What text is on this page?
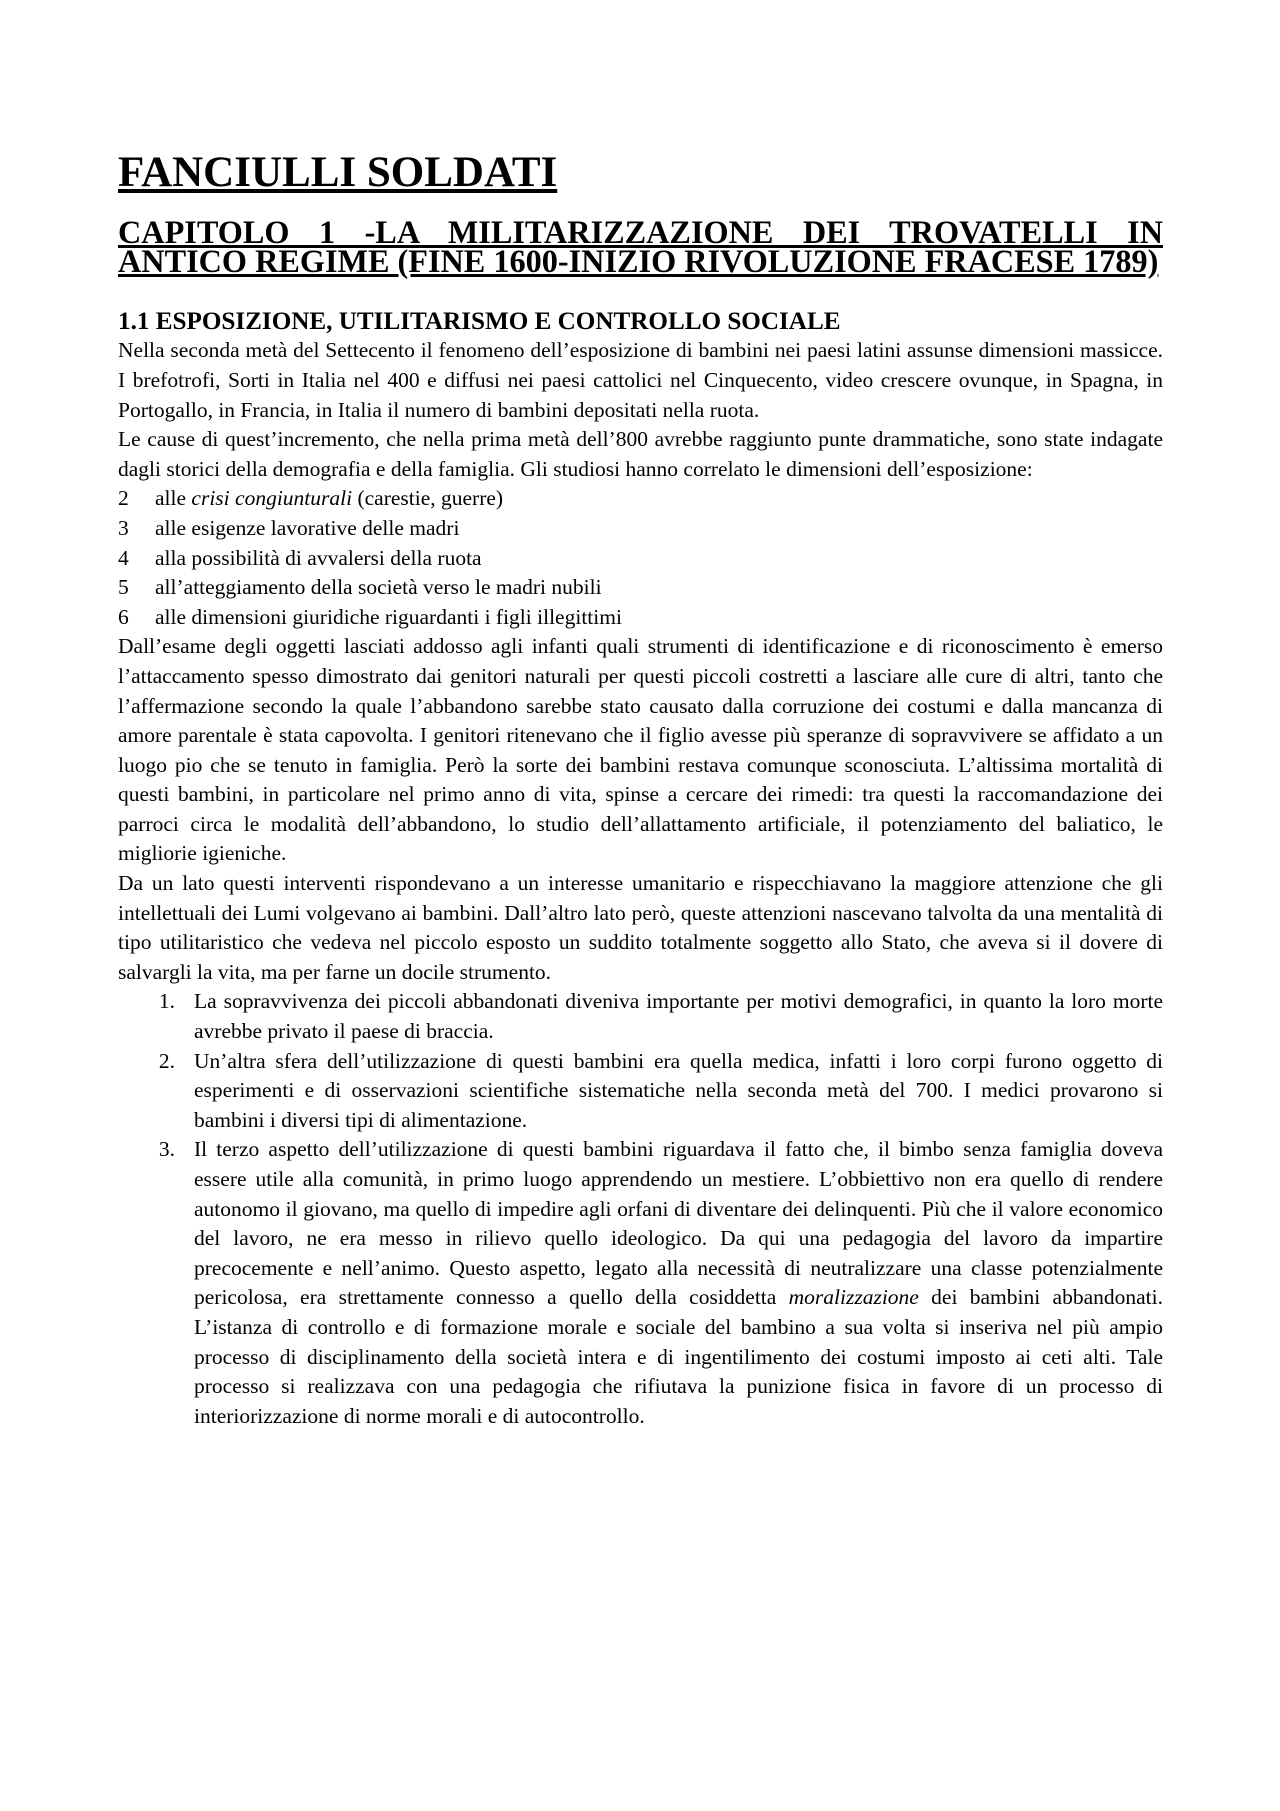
FANCIULLI SOLDATI
CAPITOLO 1 -LA MILITARIZZAZIONE DEI TROVATELLI IN ANTICO REGIME (FINE 1600-INIZIO RIVOLUZIONE FRACESE 1789)
1.1 ESPOSIZIONE, UTILITARISMO E CONTROLLO SOCIALE

Nella seconda metà del Settecento il fenomeno dell’esposizione di bambini nei paesi latini assunse dimensioni massicce. I brefotrofi, Sorti in Italia nel 400 e diffusi nei paesi cattolici nel Cinquecento, video crescere ovunque, in Spagna, in Portogallo, in Francia, in Italia il numero di bambini depositati nella ruota.

Le cause di quest’incremento, che nella prima metà dell’800 avrebbe raggiunto punte drammatiche, sono state indagate dagli storici della demografia e della famiglia. Gli studiosi hanno correlato le dimensioni dell’esposizione:

2	alle crisi congiunturali (carestie, guerre)
3	alle esigenze lavorative delle madri
4	alla possibilità di avvalersi della ruota
5	all’atteggiamento della società verso le madri nubili
6	alle dimensioni giuridiche riguardanti i figli illegittimi

Dall’esame degli oggetti lasciati addosso agli infanti quali strumenti di identificazione e di riconoscimento è emerso l’attaccamento spesso dimostrato dai genitori naturali per questi piccoli costretti a lasciare alle cure di altri, tanto che l’affermazione secondo la quale l’abbandono sarebbe stato causato dalla corruzione dei costumi e dalla mancanza di amore parentale è stata capovolta. I genitori ritenevano che il figlio avesse più speranze di sopravvivere se affidato a un luogo pio che se tenuto in famiglia. Però la sorte dei bambini restava comunque sconosciuta. L’altissima mortalità di questi bambini, in particolare nel primo anno di vita, spinse a cercare dei rimedi: tra questi la raccomandazione dei parroci circa le modalità dell’abbandono, lo studio dell’allattamento artificiale, il potenziamento del baliatico, le migliorie igieniche.

Da un lato questi interventi rispondevano a un interesse umanitario e rispecchiavano la maggiore attenzione che gli intellettuali dei Lumi volgevano ai bambini. Dall’altro lato però, queste attenzioni nascevano talvolta da una mentalità di tipo utilitaristico che vedeva nel piccolo esposto un suddito totalmente soggetto allo Stato, che aveva si il dovere di salvargli la vita, ma per farne un docile strumento.

1. La sopravvivenza dei piccoli abbandonati diveniva importante per motivi demografici, in quanto la loro morte avrebbe privato il paese di braccia.
2. Un’altra sfera dell’utilizzazione di questi bambini era quella medica, infatti i loro corpi furono oggetto di esperimenti e di osservazioni scientifiche sistematiche nella seconda metà del 700. I medici provarono si bambini i diversi tipi di alimentazione.
3. Il terzo aspetto dell’utilizzazione di questi bambini riguardava il fatto che, il bimbo senza famiglia doveva essere utile alla comunità, in primo luogo apprendendo un mestiere. L’obbiettivo non era quello di rendere autonomo il giovano, ma quello di impedire agli orfani di diventare dei delinquenti. Più che il valore economico del lavoro, ne era messo in rilievo quello ideologico. Da qui una pedagogia del lavoro da impartire precocemente e nell’animo. Questo aspetto, legato alla necessità di neutralizzare una classe potenzialmente pericolosa, era strettamente connesso a quello della cosiddetta moralizzazione dei bambini abbandonati. L’istanza di controllo e di formazione morale e sociale del bambino a sua volta si inseriva nel più ampio processo di disciplinamento della società intera e di ingentilimento dei costumi imposto ai ceti alti. Tale processo si realizzava con una pedagogia che rifiutava la punizione fisica in favore di un processo di interiorizzazione di norme morali e di autocontrollo.
